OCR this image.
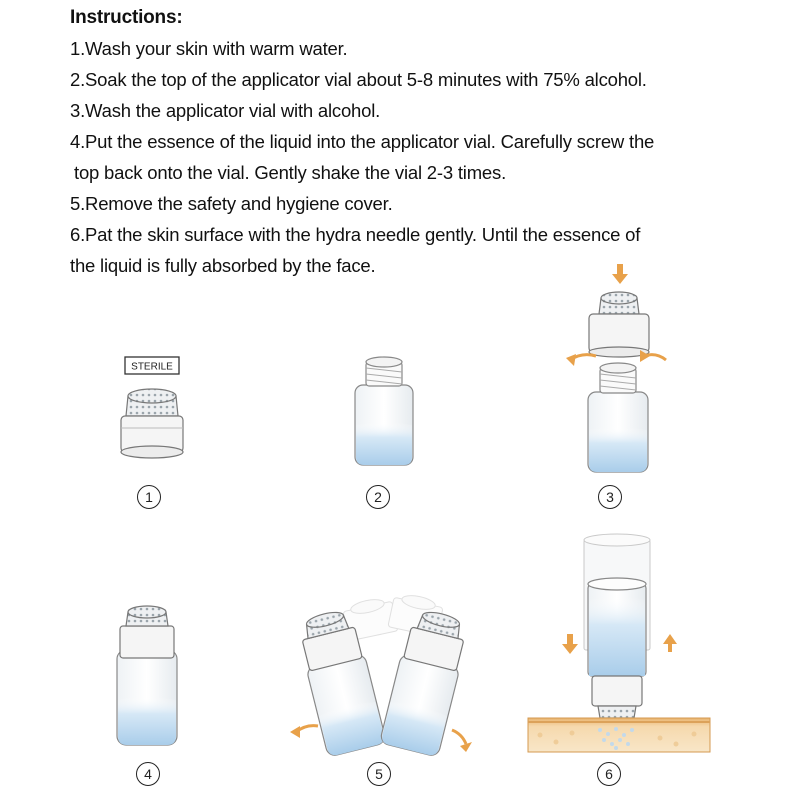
Instructions:

1.Wash your skin with warm water.

2.Soak the top of the applicator vial about 5-8 minutes with 75% alcohol.

3.Wash the applicator vial with alcohol.

4.Put the essence of the liquid into the applicator vial. Carefully screw the

top back onto the vial. Gently shake the vial 2-3 times.

5.Remove the safety and hygiene cover.

6.Pat the skin surface with the hydra needle gently. Until the essence of

the liquid is fully absorbed by the face.

STERILE
1	2	3
4	5	6
